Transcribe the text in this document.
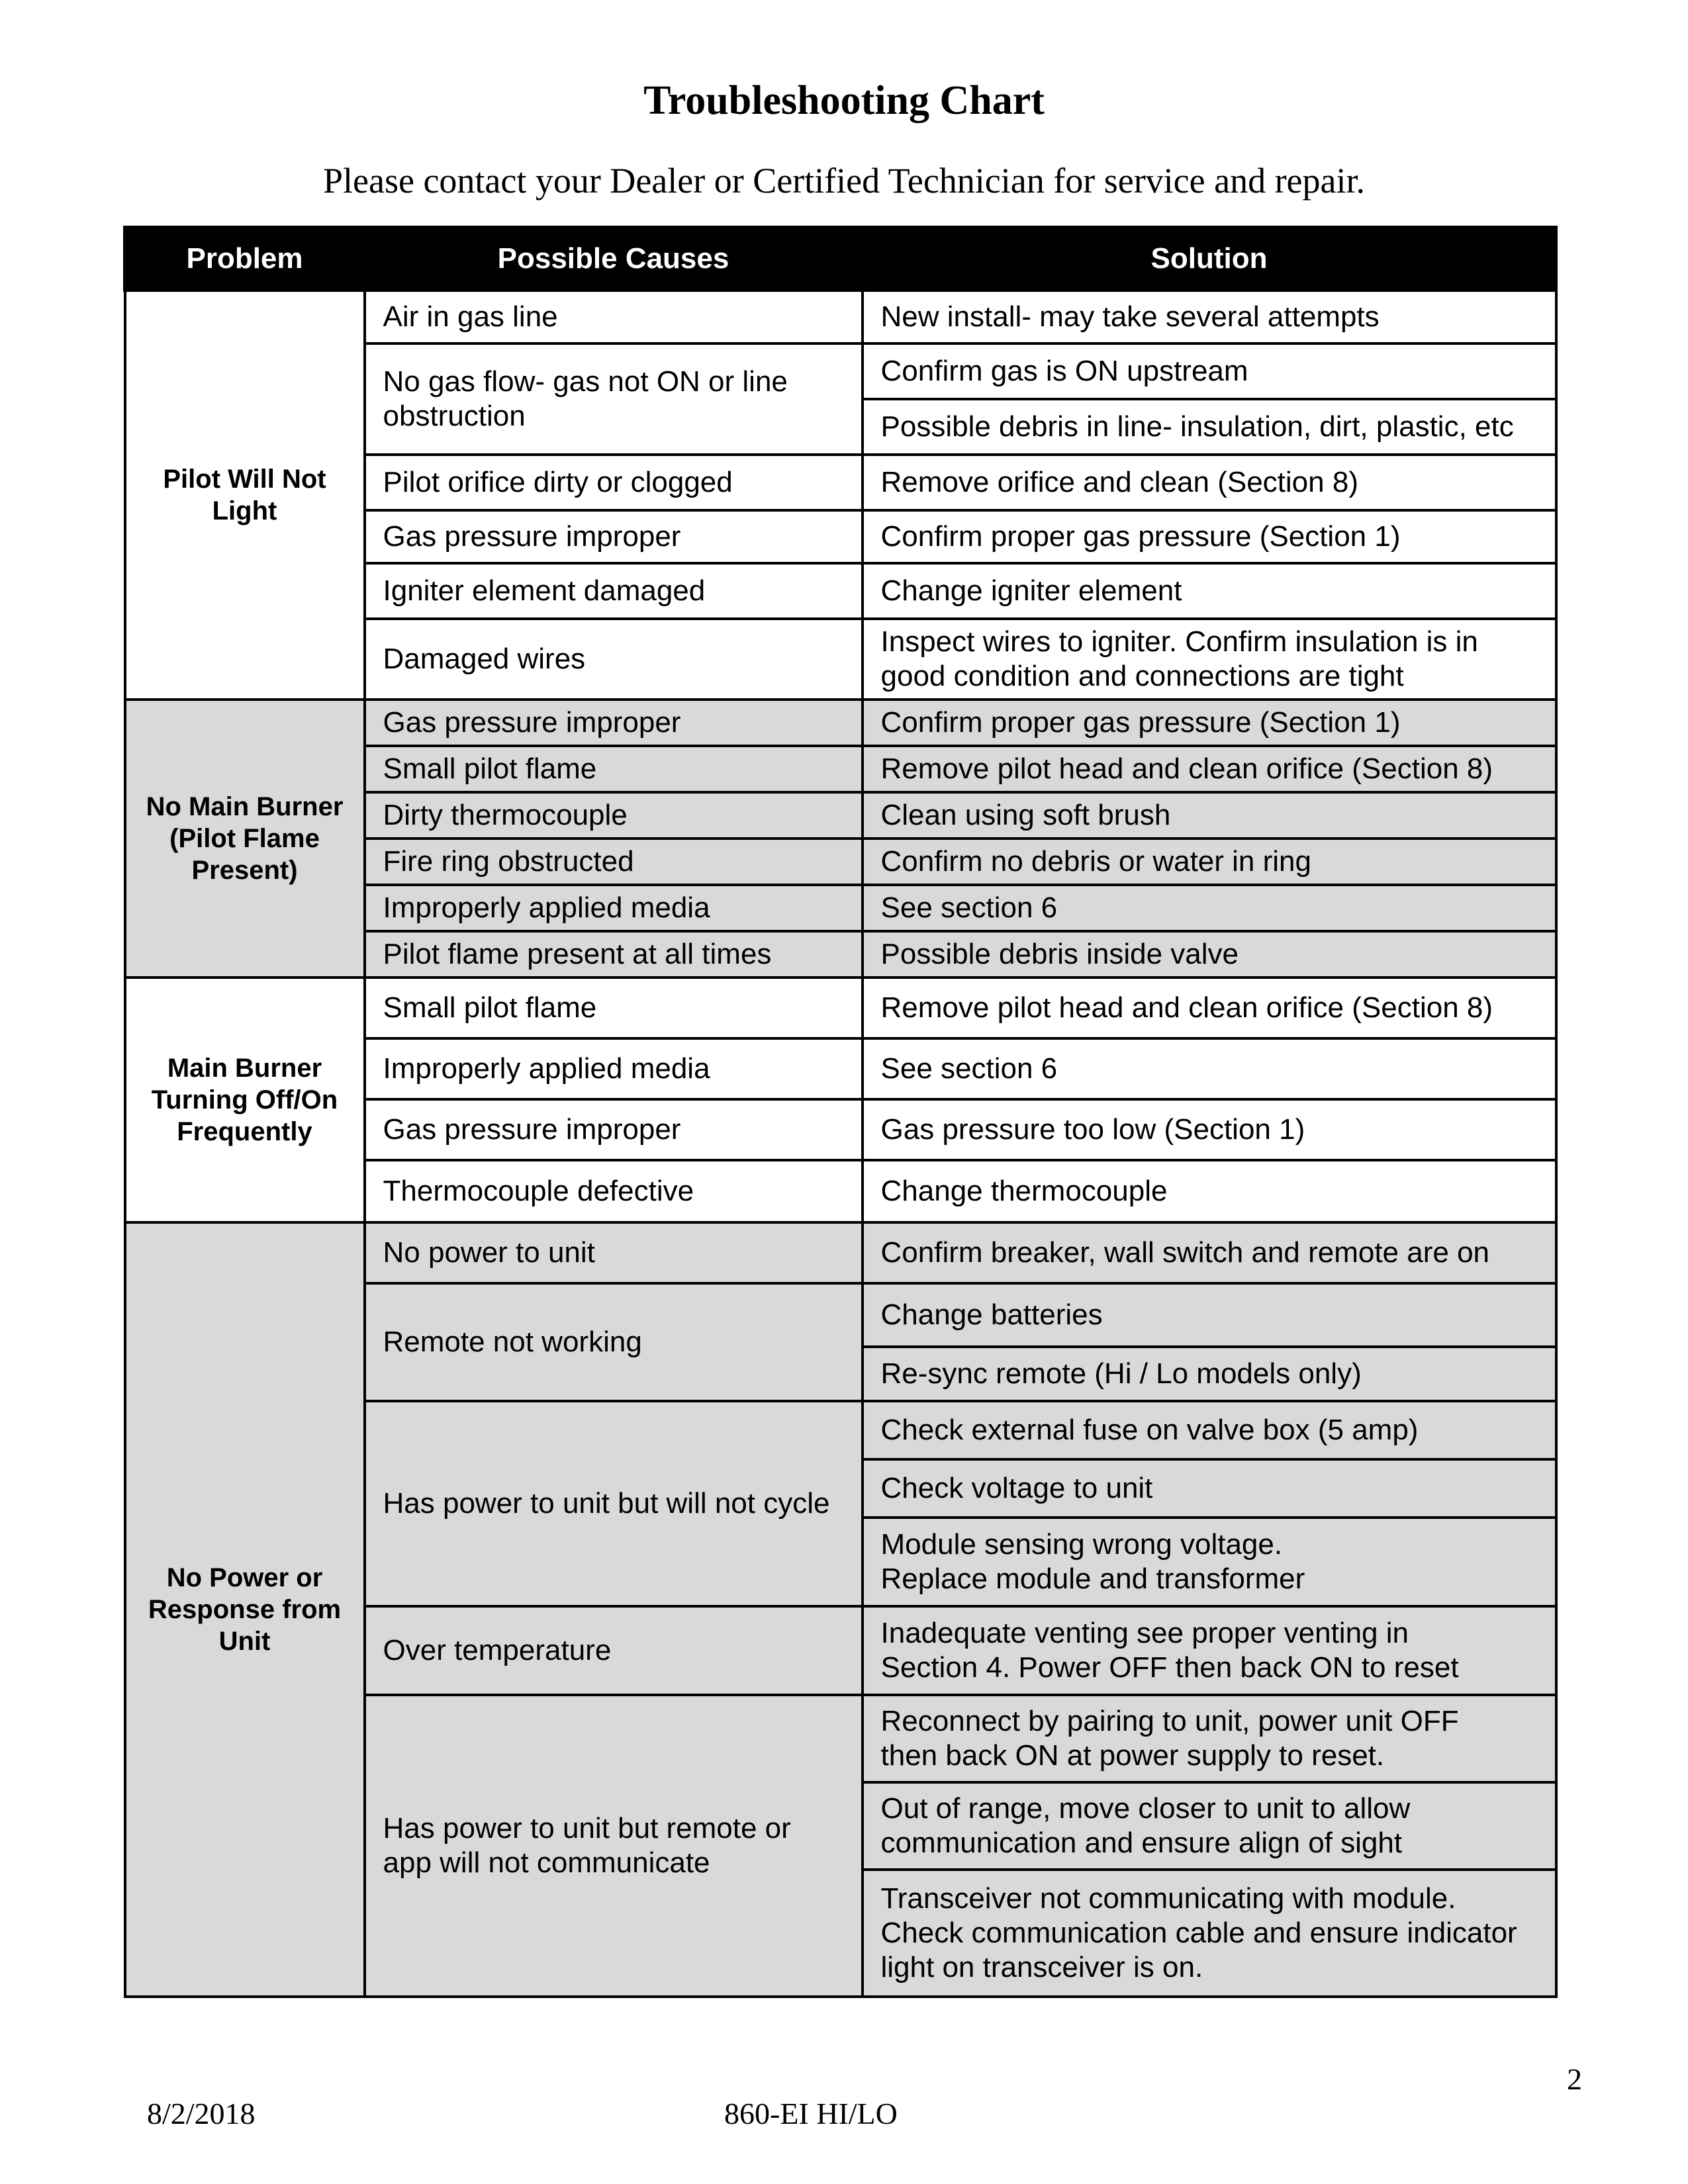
Troubleshooting Chart
Please contact your Dealer or Certified Technician for service and repair.
Problem	Possible Causes	Solution
Pilot Will Not
Light	Air in gas line	New install- may take several attempts
	No gas flow- gas not ON or line
obstruction	Confirm gas is ON upstream
		Possible debris in line- insulation, dirt, plastic, etc
	Pilot orifice dirty or clogged	Remove orifice and clean (Section 8)
	Gas pressure improper	Confirm proper gas pressure (Section 1)
	Igniter element damaged	Change igniter element
	Damaged wires	Inspect wires to igniter. Confirm insulation is in
good condition and connections are tight
No Main Burner
(Pilot Flame
Present)	Gas pressure improper	Confirm proper gas pressure (Section 1)
	Small pilot flame	Remove pilot head and clean orifice (Section 8)
	Dirty thermocouple	Clean using soft brush
	Fire ring obstructed	Confirm no debris or water in ring
	Improperly applied media	See section 6
	Pilot flame present at all times	Possible debris inside valve
Main Burner
Turning Off/On
Frequently	Small pilot flame	Remove pilot head and clean orifice (Section 8)
	Improperly applied media	See section 6
	Gas pressure improper	Gas pressure too low (Section 1)
	Thermocouple defective	Change thermocouple
No Power or
Response from
Unit	No power to unit	Confirm breaker, wall switch and remote are on
	Remote not working	Change batteries
		Re-sync remote (Hi / Lo models only)
	Has power to unit but will not cycle	Check external fuse on valve box (5 amp)
		Check voltage to unit
		Module sensing wrong voltage.
Replace module and transformer
	Over temperature	Inadequate venting see proper venting in
Section 4. Power OFF then back ON to reset
	Has power to unit but remote or
app will not communicate	Reconnect by pairing to unit, power unit OFF
then back ON at power supply to reset.
		Out of range, move closer to unit to allow
communication and ensure align of sight
		Transceiver not communicating with module.
Check communication cable and ensure indicator
light on transceiver is on.
2
8/2/2018	860-EI HI/LO
